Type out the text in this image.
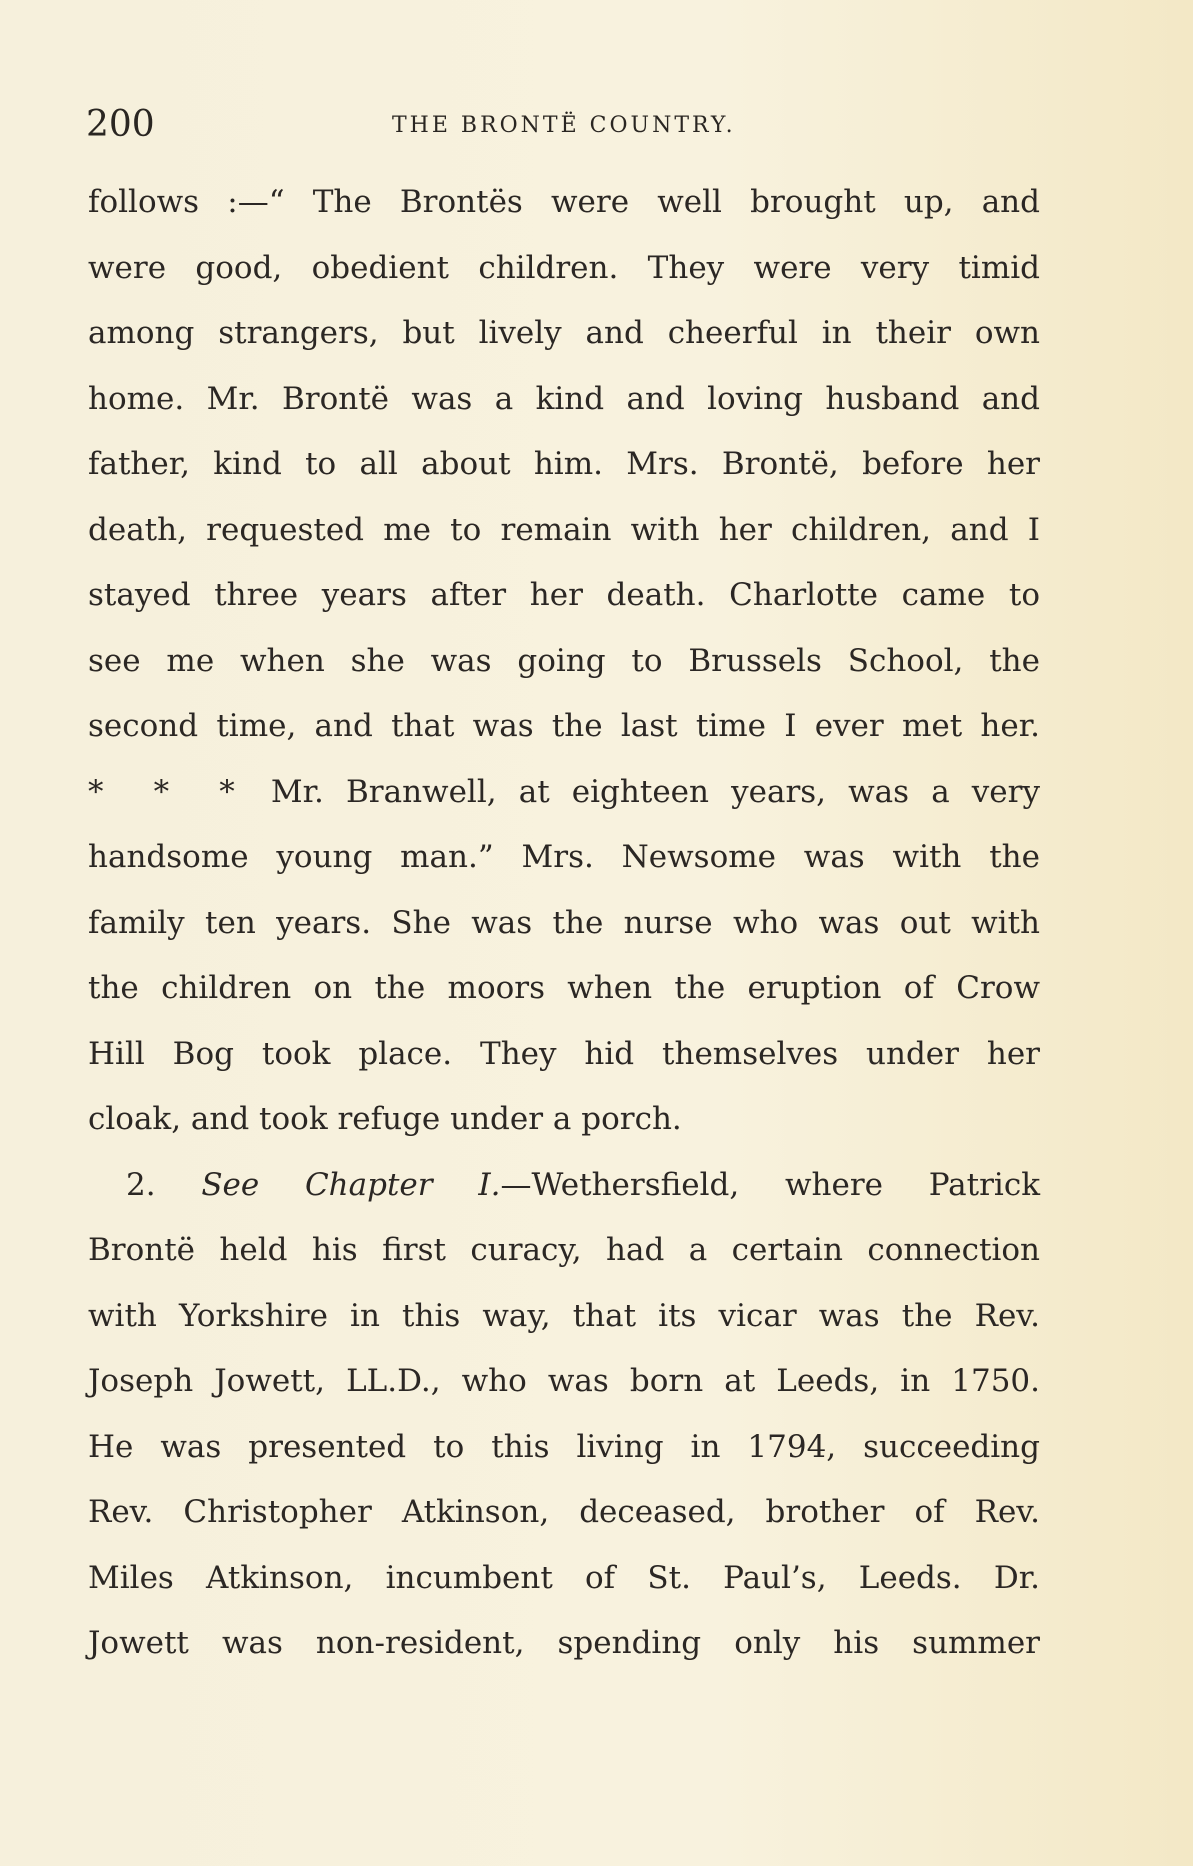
200	THE BRONTË COUNTRY.
follows :—“ The Brontës were well brought up, and
were good, obedient children. They were very timid
among strangers, but lively and cheerful in their own
home. Mr. Brontë was a kind and loving husband and
father, kind to all about him. Mrs. Brontë, before her
death, requested me to remain with her children, and I
stayed three years after her death. Charlotte came to
see me when she was going to Brussels School, the
second time, and that was the last time I ever met her.
* * * Mr. Branwell, at eighteen years, was a very
handsome young man.” Mrs. Newsome was with the
family ten years. She was the nurse who was out with
the children on the moors when the eruption of Crow
Hill Bog took place. They hid themselves under her
cloak, and took refuge under a porch.
2. See Chapter I.—Wethersfield, where Patrick
Brontë held his first curacy, had a certain connection
with Yorkshire in this way, that its vicar was the Rev.
Joseph Jowett, LL.D., who was born at Leeds, in 1750.
He was presented to this living in 1794, succeeding
Rev. Christopher Atkinson, deceased, brother of Rev.
Miles Atkinson, incumbent of St. Paul’s, Leeds. Dr.
Jowett was non-resident, spending only his summer
